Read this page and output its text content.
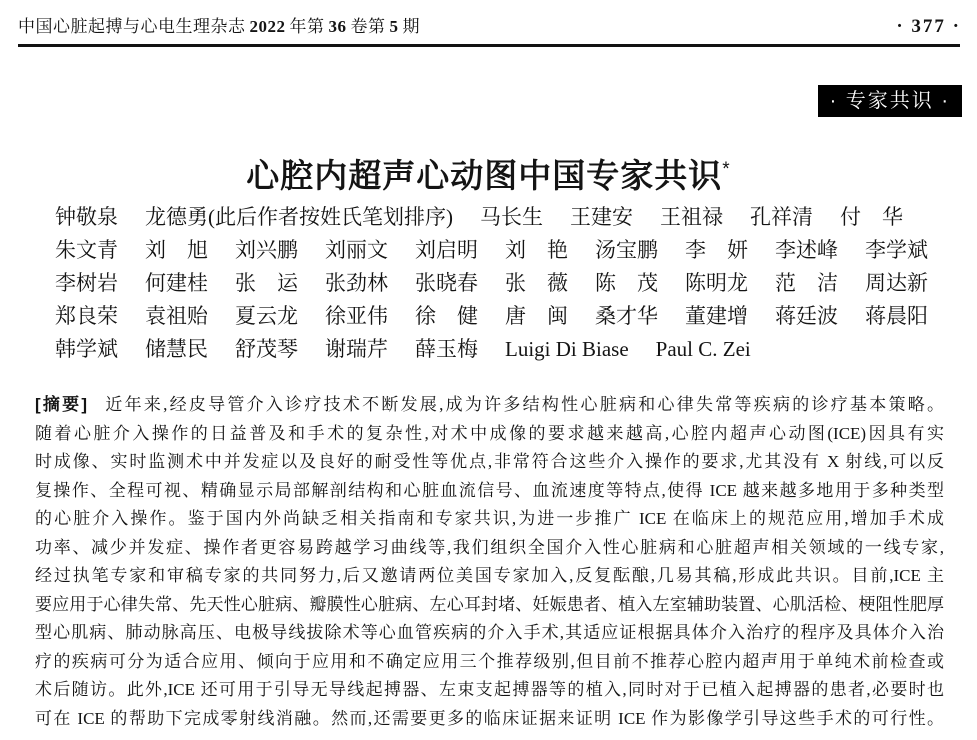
中国心脏起搏与心电生理杂志 2022 年第 36 卷第 5 期	· 377 ·
· 专家共识 ·
心腔内超声心动图中国专家共识*
钟敬泉 龙德勇(此后作者按姓氏笔划排序) 马长生 王建安 王祖禄 孔祥清 付　华
朱文青 刘　旭 刘兴鹏 刘丽文 刘启明 刘　艳 汤宝鹏 李　妍 李述峰 李学斌
李树岩 何建桂 张　运 张劲林 张晓春 张　薇 陈　茂 陈明龙 范　洁 周达新
郑良荣 袁祖贻 夏云龙 徐亚伟 徐　健 唐　闽 桑才华 董建增 蒋廷波 蒋晨阳
韩学斌 储慧民 舒茂琴 谢瑞芹 薛玉梅 Luigi Di Biase Paul C. Zei
[摘要] 近年来,经皮导管介入诊疗技术不断发展,成为许多结构性心脏病和心律失常等疾病的诊疗基本策略。
随着心脏介入操作的日益普及和手术的复杂性,对术中成像的要求越来越高,心腔内超声心动图(ICE)因具有实
时成像、实时监测术中并发症以及良好的耐受性等优点,非常符合这些介入操作的要求,尤其没有 X 射线,可以反
复操作、全程可视、精确显示局部解剖结构和心脏血流信号、血流速度等特点,使得 ICE 越来越多地用于多种类型
的心脏介入操作。鉴于国内外尚缺乏相关指南和专家共识,为进一步推广 ICE 在临床上的规范应用,增加手术成
功率、减少并发症、操作者更容易跨越学习曲线等,我们组织全国介入性心脏病和心脏超声相关领域的一线专家,
经过执笔专家和审稿专家的共同努力,后又邀请两位美国专家加入,反复酝酿,几易其稿,形成此共识。目前,ICE 主
要应用于心律失常、先天性心脏病、瓣膜性心脏病、左心耳封堵、妊娠患者、植入左室辅助装置、心肌活检、梗阻性肥厚
型心肌病、肺动脉高压、电极导线拔除术等心血管疾病的介入手术,其适应证根据具体介入治疗的程序及具体介入治
疗的疾病可分为适合应用、倾向于应用和不确定应用三个推荐级别,但目前不推荐心腔内超声用于单纯术前检查或
术后随访。此外,ICE 还可用于引导无导线起搏器、左束支起搏器等的植入,同时对于已植入起搏器的患者,必要时也
可在 ICE 的帮助下完成零射线消融。然而,还需要更多的临床证据来证明 ICE 作为影像学引导这些手术的可行性。
